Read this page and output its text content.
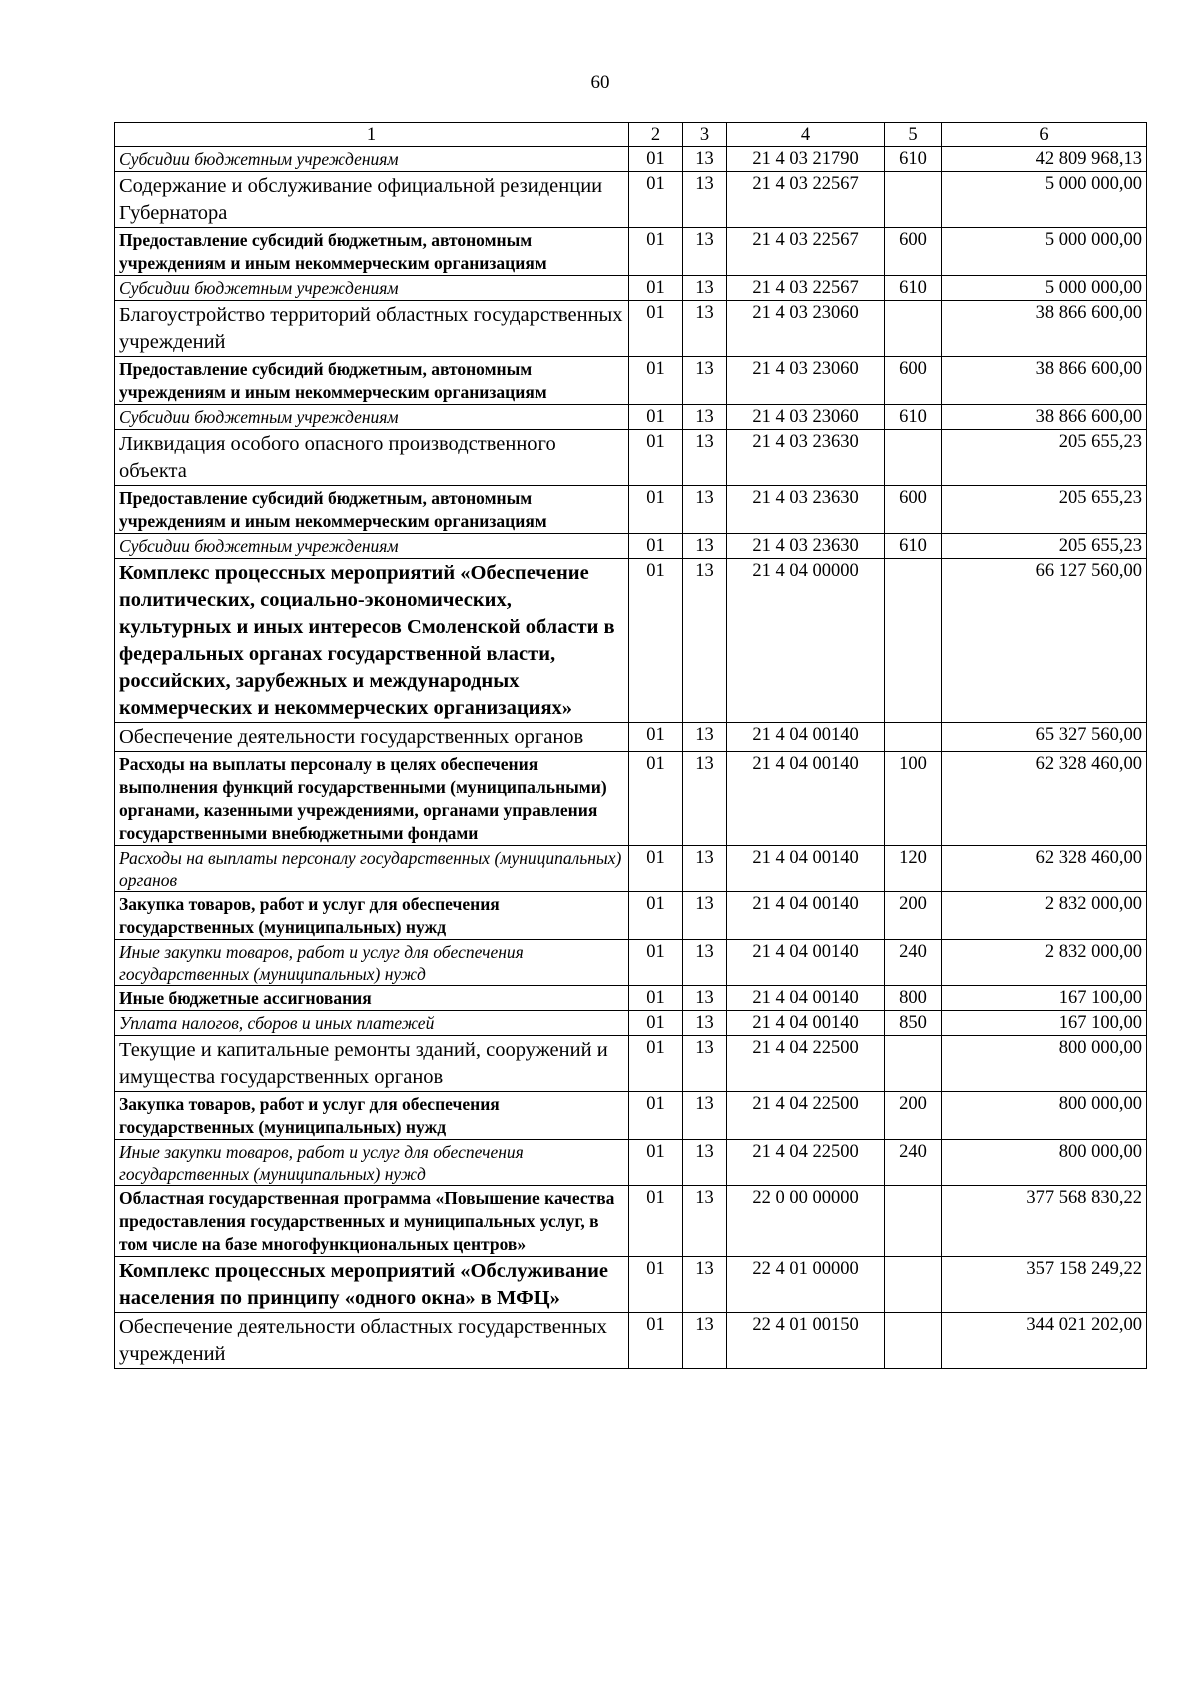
60
1	2	3	4	5	6
Субсидии бюджетным учреждениям	01	13	21 4 03 21790	610	42 809 968,13
Содержание и обслуживание официальной резиденции Губернатора	01	13	21 4 03 22567		5 000 000,00
Предоставление субсидий бюджетным, автономным учреждениям и иным некоммерческим организациям	01	13	21 4 03 22567	600	5 000 000,00
Субсидии бюджетным учреждениям	01	13	21 4 03 22567	610	5 000 000,00
Благоустройство территорий областных государственных учреждений	01	13	21 4 03 23060		38 866 600,00
Предоставление субсидий бюджетным, автономным учреждениям и иным некоммерческим организациям	01	13	21 4 03 23060	600	38 866 600,00
Субсидии бюджетным учреждениям	01	13	21 4 03 23060	610	38 866 600,00
Ликвидация особого опасного производственного объекта	01	13	21 4 03 23630		205 655,23
Предоставление субсидий бюджетным, автономным учреждениям и иным некоммерческим организациям	01	13	21 4 03 23630	600	205 655,23
Субсидии бюджетным учреждениям	01	13	21 4 03 23630	610	205 655,23
Комплекс процессных мероприятий «Обеспечение политических, социально-экономических, культурных и иных интересов Смоленской области в федеральных органах государственной власти, российских, зарубежных и международных коммерческих и некоммерческих организациях»	01	13	21 4 04 00000		66 127 560,00
Обеспечение деятельности государственных органов	01	13	21 4 04 00140		65 327 560,00
Расходы на выплаты персоналу в целях обеспечения выполнения функций государственными (муниципальными) органами, казенными учреждениями, органами управления государственными внебюджетными фондами	01	13	21 4 04 00140	100	62 328 460,00
Расходы на выплаты персоналу государственных (муниципальных) органов	01	13	21 4 04 00140	120	62 328 460,00
Закупка товаров, работ и услуг для обеспечения государственных (муниципальных) нужд	01	13	21 4 04 00140	200	2 832 000,00
Иные закупки товаров, работ и услуг для обеспечения государственных (муниципальных) нужд	01	13	21 4 04 00140	240	2 832 000,00
Иные бюджетные ассигнования	01	13	21 4 04 00140	800	167 100,00
Уплата налогов, сборов и иных платежей	01	13	21 4 04 00140	850	167 100,00
Текущие и капитальные ремонты зданий, сооружений и имущества государственных органов	01	13	21 4 04 22500		800 000,00
Закупка товаров, работ и услуг для обеспечения государственных (муниципальных) нужд	01	13	21 4 04 22500	200	800 000,00
Иные закупки товаров, работ и услуг для обеспечения государственных (муниципальных) нужд	01	13	21 4 04 22500	240	800 000,00
Областная государственная программа «Повышение качества предоставления государственных и муниципальных услуг, в том числе на базе многофункциональных центров»	01	13	22 0 00 00000		377 568 830,22
Комплекс процессных мероприятий «Обслуживание населения по принципу «одного окна» в МФЦ»	01	13	22 4 01 00000		357 158 249,22
Обеспечение деятельности областных государственных учреждений	01	13	22 4 01 00150		344 021 202,00
